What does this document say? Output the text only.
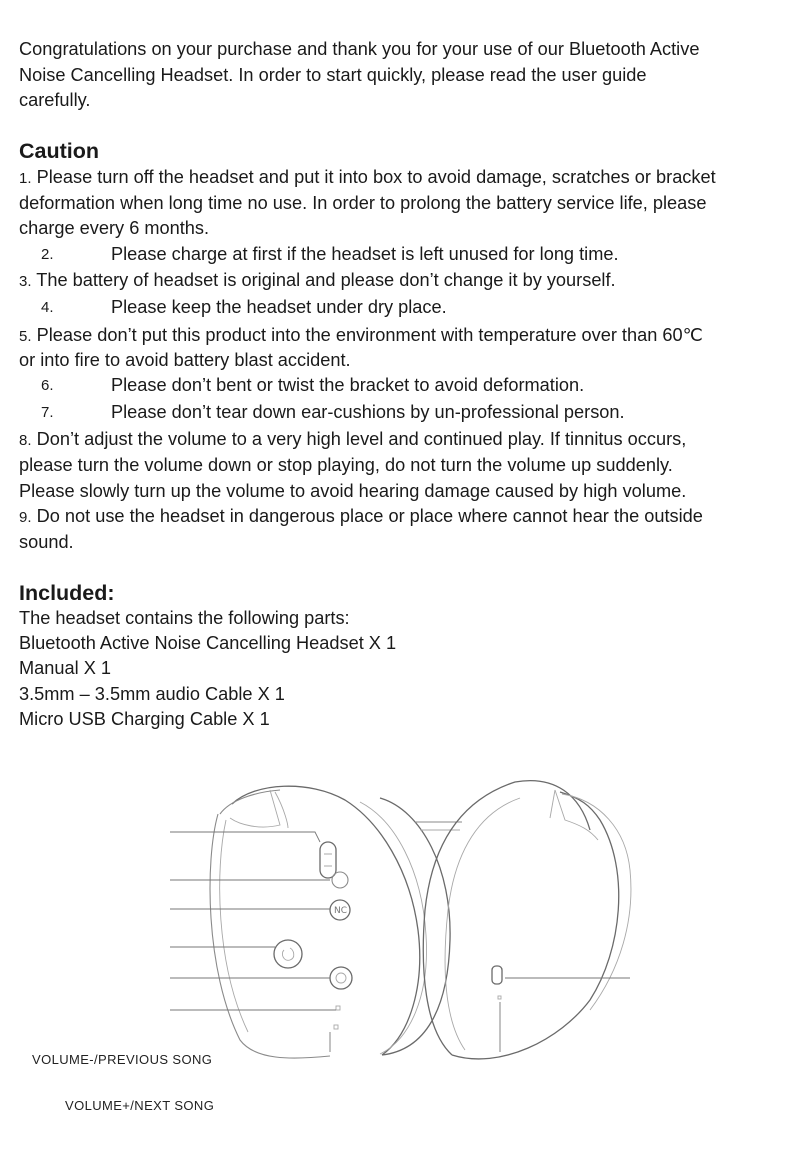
Congratulations on your purchase and thank you for your use of our Bluetooth Active
Noise Cancelling Headset. In order to start quickly, please read the user guide
carefully.
Caution
1. Please turn off the headset and put it into box to avoid damage, scratches or bracket
deformation when long time no use. In order to prolong the battery service life, please
charge every 6 months.
2.	Please charge at first if the headset is left unused for long time.
3. The battery of headset is original and please don’t change it by yourself.
4.	Please keep the headset under dry place.
5. Please don’t put this product into the environment with temperature over than 60℃
or into fire to avoid battery blast accident.
6.	Please don’t bent or twist the bracket to avoid deformation.
7.	Please don’t tear down ear-cushions by un-professional person.
8. Don’t adjust the volume to a very high level and continued play. If tinnitus occurs,
please turn the volume down or stop playing, do not turn the volume up suddenly.
Please slowly turn up the volume to avoid hearing damage caused by high volume.
9. Do not use the headset in dangerous place or place where cannot hear the outside
sound.
Included:
The headset contains the following parts:
Bluetooth Active Noise Cancelling Headset X 1
Manual X 1
3.5mm – 3.5mm audio Cable X 1
Micro USB Charging Cable X 1
NC
VOLUME-/PREVIOUS SONG
VOLUME+/NEXT SONG
